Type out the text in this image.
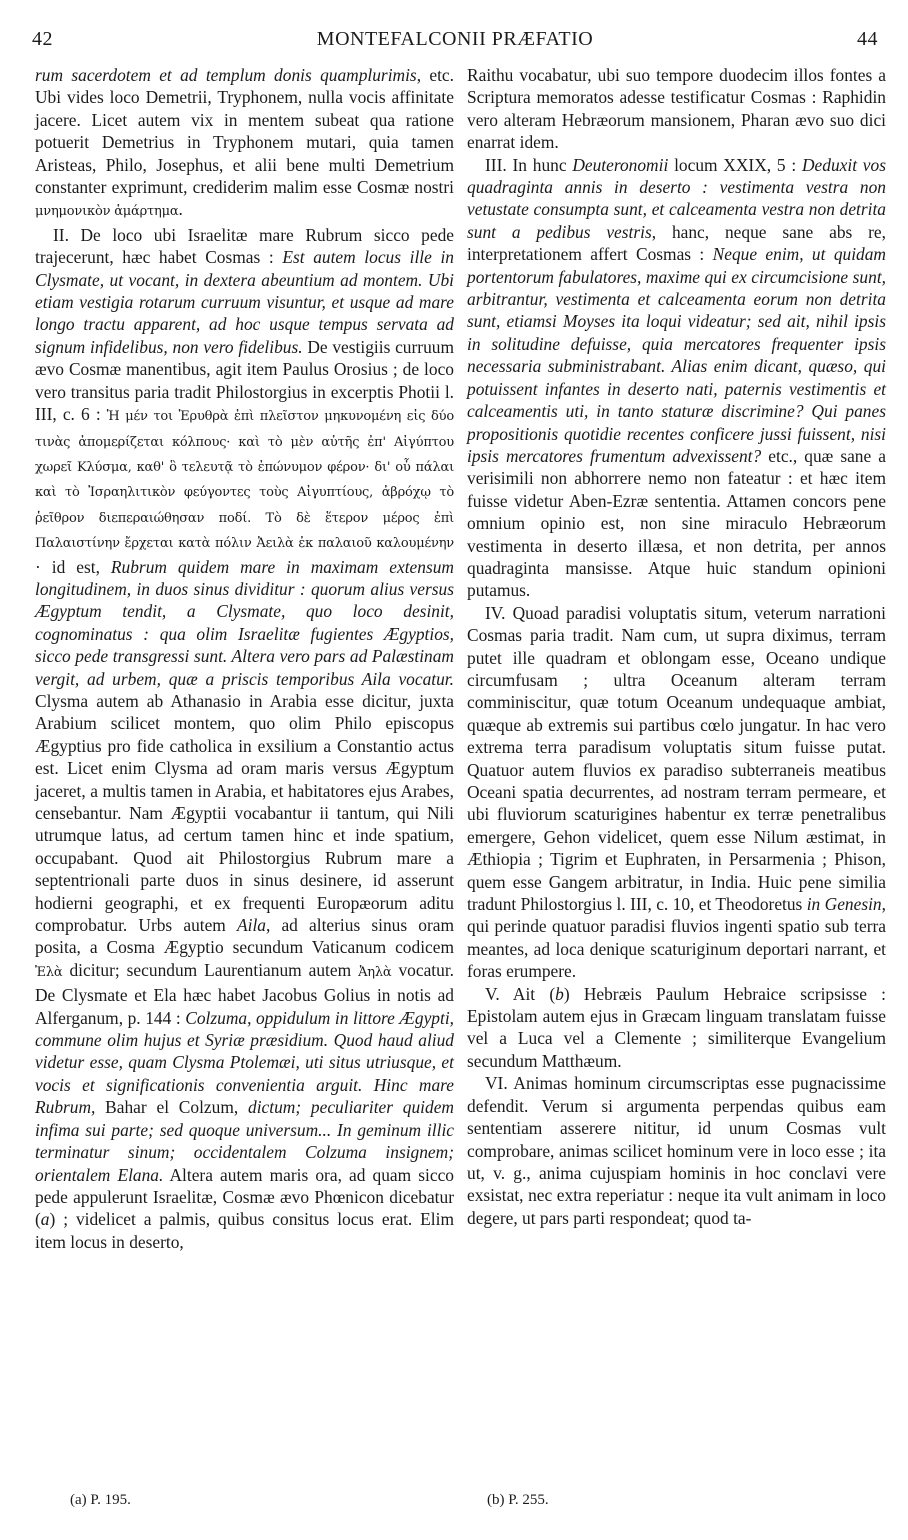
42	MONTEFALCONII PRÆFATIO	44

rum sacerdotem et ad templum donis quamplurimis, etc. Ubi vides loco Demetrii, Tryphonem, nulla vocis affinitate jacere. Licet autem vix in mentem subeat qua ratione potuerit Demetrius in Tryphonem mutari, quia tamen Aristeas, Philo, Josephus, et alii bene multi Demetrium constanter exprimunt, crediderim malim esse Cosmæ nostri μνημονικὸν ἁμάρτημα.

II. De loco ubi Israelitæ mare Rubrum sicco pede trajecerunt, hæc habet Cosmas : Est autem locus ille in Clysmate, ut vocant, in dextera abeuntium ad montem. Ubi etiam vestigia rotarum curruum visuntur, et usque ad mare longo tractu apparent, ad hoc usque tempus servata ad signum infidelibus, non vero fidelibus. De vestigiis curruum ævo Cosmæ manentibus, agit item Paulus Orosius ; de loco vero transitus paria tradit Philostorgius in excerptis Photii l. III, c. 6 : Ἡ μέν τοι Ἐρυθρὰ ἐπὶ πλεῖστον μηκυνομένη εἰς δύο τινὰς ἀπομερίζεται κόλπους· καὶ τὸ μὲν αὐτῆς ἐπ' Αἰγύπτου χωρεῖ Κλύσμα, καθ' ὃ τελευτᾷ τὸ ἐπώνυμον φέρον· δι' οὗ πάλαι καὶ τὸ Ἰσραηλιτικὸν φεύγοντες τοὺς Αἰγυπτίους, ἀβρόχῳ τὸ ῥεῖθρον διεπεραιώθησαν ποδί. Τὸ δὲ ἕτερον μέρος ἐπὶ Παλαιστίνην ἔρχεται κατὰ πόλιν Ἀειλὰ ἐκ παλαιοῦ καλουμένην · id est, Rubrum quidem mare in maximam extensum longitudinem, in duos sinus dividitur : quorum alius versus Ægyptum tendit, a Clysmate, quo loco desinit, cognominatus : qua olim Israelitæ fugientes Ægyptios, sicco pede transgressi sunt. Altera vero pars ad Palæstinam vergit, ad urbem, quæ a priscis temporibus Aila vocatur. Clysma autem ab Athanasio in Arabia esse dicitur, juxta Arabium scilicet montem, quo olim Philo episcopus Ægyptius pro fide catholica in exsilium a Constantio actus est. Licet enim Clysma ad oram maris versus Ægyptum jaceret, a multis tamen in Arabia, et habitatores ejus Arabes, censebantur. Nam Ægyptii vocabantur ii tantum, qui Nili utrumque latus, ad certum tamen hinc et inde spatium, occupabant. Quod ait Philostorgius Rubrum mare a septentrionali parte duos in sinus desinere, id asserunt hodierni geographi, et ex frequenti Europæorum aditu comprobatur. Urbs autem Aila, ad alterius sinus oram posita, a Cosma Ægyptio secundum Vaticanum codicem Ἐλὰ dicitur; secundum Laurentianum autem Ἀηλὰ vocatur. De Clysmate et Ela hæc habet Jacobus Golius in notis ad Alferganum, p. 144 : Colzuma, oppidulum in littore Ægypti, commune olim hujus et Syriæ præsidium. Quod haud aliud videtur esse, quam Clysma Ptolemæi, uti situs utriusque, et vocis et significationis convenientia arguit. Hinc mare Rubrum, Bahar el Colzum, dictum; peculiariter quidem infima sui parte; sed quoque universum... In geminum illic terminatur sinum; occidentalem Colzuma insignem; orientalem Elana. Altera autem maris ora, ad quam sicco pede appulerunt Israelitæ, Cosmæ ævo Phœnicon dicebatur (a) ; videlicet a palmis, quibus consitus locus erat. Elim item locus in deserto,

Raithu vocabatur, ubi suo tempore duodecim illos fontes a Scriptura memoratos adesse testificatur Cosmas : Raphidin vero alteram Hebræorum mansionem, Pharan ævo suo dici enarrat idem.

III. In hunc Deuteronomii locum XXIX, 5 : Deduxit vos quadraginta annis in deserto : vestimenta vestra non vetustate consumpta sunt, et calceamenta vestra non detrita sunt a pedibus vestris, hanc, neque sane abs re, interpretationem affert Cosmas : Neque enim, ut quidam portentorum fabulatores, maxime qui ex circumcisione sunt, arbitrantur, vestimenta et calceamenta eorum non detrita sunt, etiamsi Moyses ita loqui videatur; sed ait, nihil ipsis in solitudine defuisse, quia mercatores frequenter ipsis necessaria subministrabant. Alias enim dicant, quæso, qui potuissent infantes in deserto nati, paternis vestimentis et calceamentis uti, in tanto staturæ discrimine? Qui panes propositionis quotidie recentes conficere jussi fuissent, nisi ipsis mercatores frumentum advexissent? etc., quæ sane a verisimili non abhorrere nemo non fateatur : et hæc item fuisse videtur Aben-Ezræ sententia. Attamen concors pene omnium opinio est, non sine miraculo Hebræorum vestimenta in deserto illæsa, et non detrita, per annos quadraginta mansisse. Atque huic standum opinioni putamus.

IV. Quoad paradisi voluptatis situm, veterum narrationi Cosmas paria tradit. Nam cum, ut supra diximus, terram putet ille quadram et oblongam esse, Oceano undique circumfusam ; ultra Oceanum alteram terram comminiscitur, quæ totum Oceanum undequaque ambiat, quæque ab extremis sui partibus cœlo jungatur. In hac vero extrema terra paradisum voluptatis situm fuisse putat. Quatuor autem fluvios ex paradiso subterraneis meatibus Oceani spatia decurrentes, ad nostram terram permeare, et ubi fluviorum scaturigines habentur ex terræ penetralibus emergere, Gehon videlicet, quem esse Nilum æstimat, in Æthiopia ; Tigrim et Euphraten, in Persarmenia ; Phison, quem esse Gangem arbitratur, in India. Huic pene similia tradunt Philostorgius l. III, c. 10, et Theodoretus in Genesin, qui perinde quatuor paradisi fluvios ingenti spatio sub terra meantes, ad loca denique scaturiginum deportari narrant, et foras erumpere.

V. Ait (b) Hebræis Paulum Hebraice scripsisse : Epistolam autem ejus in Græcam linguam translatam fuisse vel a Luca vel a Clemente ; similiterque Evangelium secundum Matthæum.

VI. Animas hominum circumscriptas esse pugnacissime defendit. Verum si argumenta perpendas quibus eam sententiam asserere nititur, id unum Cosmas vult comprobare, animas scilicet hominum vere in loco esse ; ita ut, v. g., anima cujuspiam hominis in hoc conclavi vere exsistat, nec extra reperiatur : neque ita vult animam in loco degere, ut pars parti respondeat; quod ta-

(a) P. 195.	(b) P. 255.
